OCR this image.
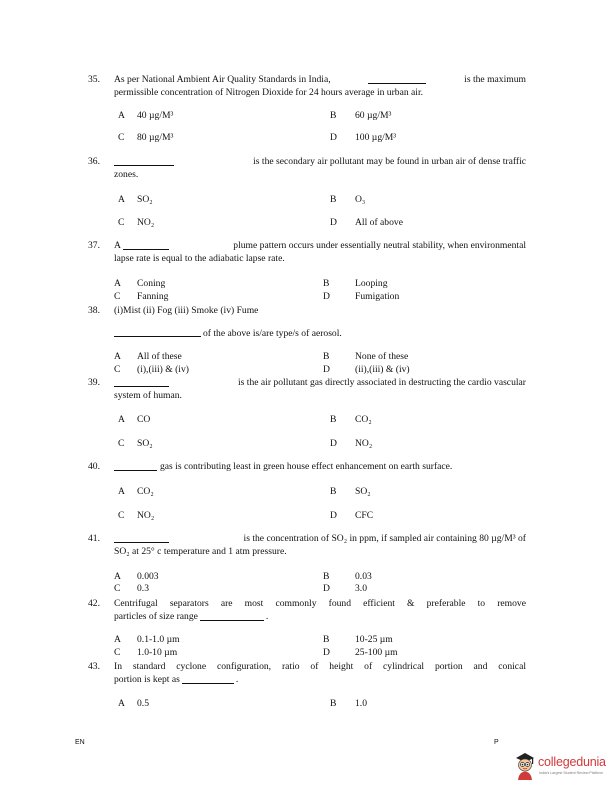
35. As per National Ambient Air Quality Standards in India,	is the maximum
permissible concentration of Nitrogen Dioxide for 24 hours average in urban air.
A 40 µg/M³	B 60 µg/M³
C 80 µg/M³	D 100 µg/M³
36.	is the secondary air pollutant may be found in urban air of dense traffic
zones.
A SO₂	B O₃
C NO₂	D All of above
37. A	plume pattern occurs under essentially neutral stability, when environmental
lapse rate is equal to the adiabatic lapse rate.
A Coning	B	Looping
C Fanning	D	Fumigation
38. (i)Mist (ii) Fog (iii) Smoke (iv) Fume
of the above is/are type/s of aerosol.
A All of these	B	None of these
C (i),(iii) & (iv)	D	(ii),(iii) & (iv)
39.	is the air pollutant gas directly associated in destructing the cardio vascular
system of human.
A CO	B CO₂
C SO₂	D NO₂
40.	gas is contributing least in green house effect enhancement on earth surface.
A CO₂	B SO₂
C NO₂	D CFC
41.	is the concentration of SO₂ in ppm, if sampled air containing 80 µg/M³ of
SO₂ at 25° c temperature and 1 atm pressure.
A 0.003	B	0.03
C 0.3	D	3.0
42. Centrifugal separators are most commonly found efficient & preferable to remove
particles of size range	.
A 0.1-1.0 µm	B	10-25 µm
C 1.0-10 µm	D	25-100 µm
43. In standard cyclone configuration, ratio of height of cylindrical portion and conical
portion is kept as	.
A 0.5	B 1.0
EN	P
collegedunia
India's Largest Student Review Platform
